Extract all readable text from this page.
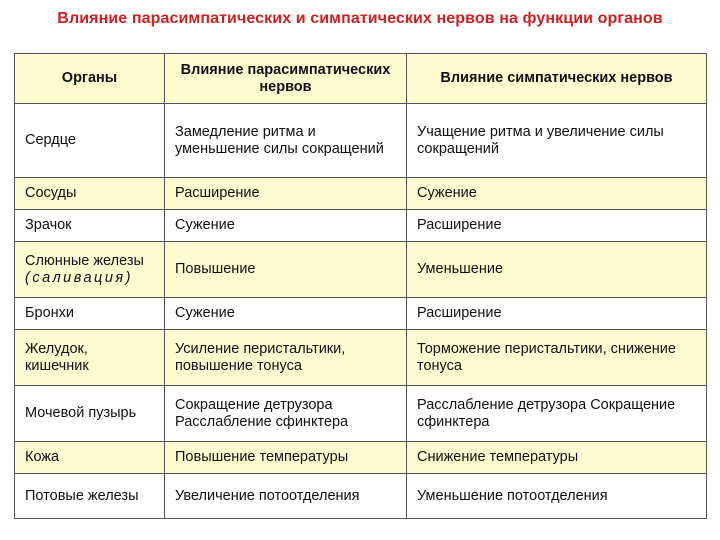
Влияние парасимпатических и симпатических нервов на функции органов
Органы	Влияние парасимпатических нервов	Влияние симпатических нервов
Сердце	Замедление ритма и уменьшение силы сокращений	Учащение ритма и увеличение силы сокращений
Сосуды	Расширение	Сужение
Зрачок	Сужение	Расширение

Слюнные железы
(саливация)	Повышение	Уменьшение
Бронхи	Сужение	Расширение
Желудок, кишечник	Усиление перистальтики, повышение тонуса	Торможение перистальтики, снижение тонуса
Мочевой пузырь	Сокращение детрузора Расслабление сфинктера	Расслабление детрузора Сокращение сфинктера
Кожа	Повышение температуры	Снижение температуры
Потовые железы	Увеличение потоотделения	Уменьшение потоотделения
